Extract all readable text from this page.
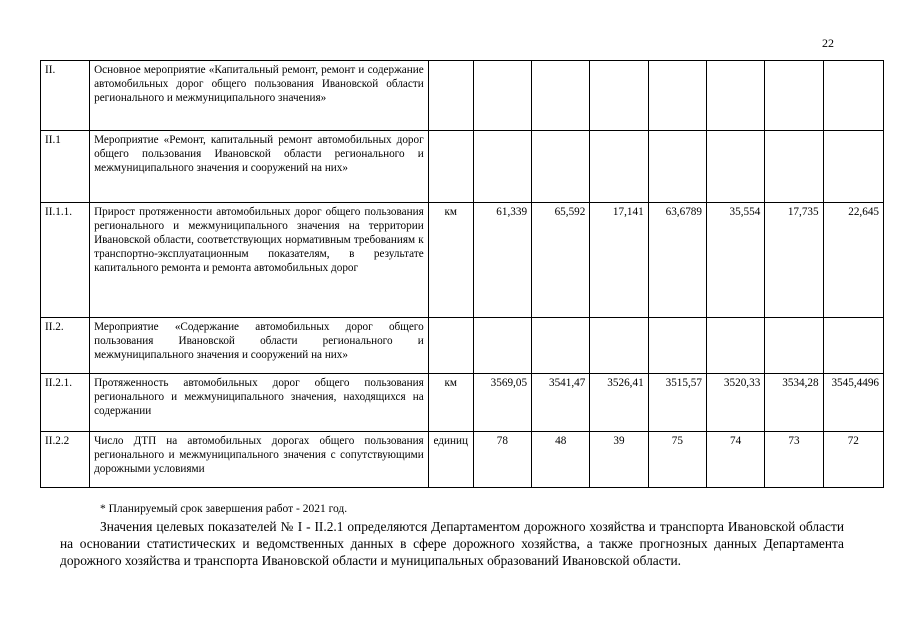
22
II.	Основное мероприятие «Капитальный ремонт, ремонт и содержание автомобильных дорог общего пользования Ивановской области регионального и межмуниципального значения»								
II.1	Мероприятие «Ремонт, капитальный ремонт автомобильных дорог общего пользования Ивановской области регионального и межмуниципального значения и сооружений на них»								
II.1.1.	Прирост протяженности автомобильных дорог общего пользования регионального и межмуниципального значения на территории Ивановской области, соответствующих нормативным требованиям к транспортно-эксплуатационным показателям, в результате капитального ремонта и ремонта автомобильных дорог	км	61,339	65,592	17,141	63,6789	35,554	17,735	22,645
II.2.	Мероприятие «Содержание автомобильных дорог общего пользования Ивановской области регионального и межмуниципального значения и сооружений на них»								
II.2.1.	Протяженность автомобильных дорог общего пользования регионального и межмуниципального значения, находящихся на содержании	км	3569,05	3541,47	3526,41	3515,57	3520,33	3534,28	3545,4496
II.2.2	Число ДТП на автомобильных дорогах общего пользования регионального и межмуниципального значения с сопутствующими дорожными условиями	единиц	78	48	39	75	74	73	72
* Планируемый срок завершения работ - 2021 год.
Значения целевых показателей № I - II.2.1 определяются Департаментом дорожного хозяйства и транспорта Ивановской области на основании статистических и ведомственных данных в сфере дорожного хозяйства, а также прогнозных данных Департамента дорожного хозяйства и транспорта Ивановской области и муниципальных образований Ивановской области.
